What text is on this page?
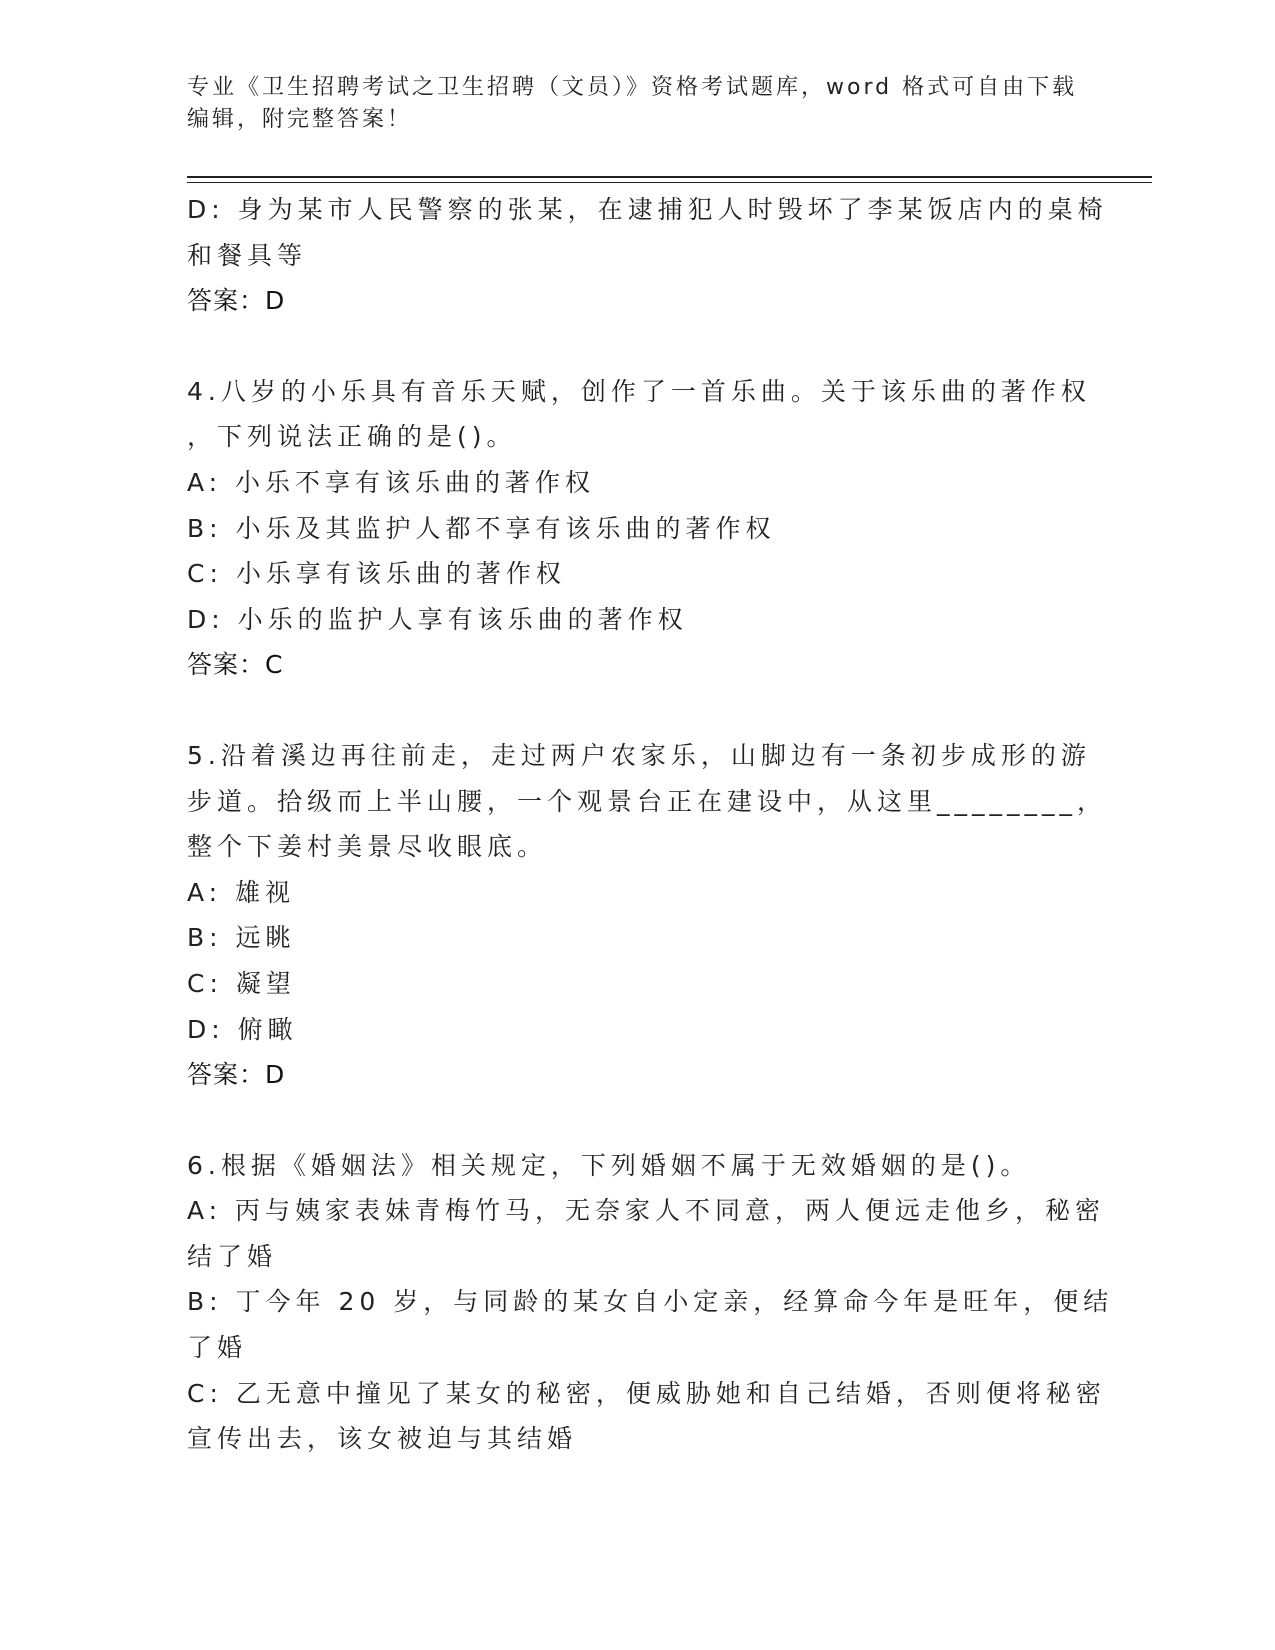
专业《卫生招聘考试之卫生招聘（文员）》资格考试题库，word 格式可自由下载
编辑，附完整答案！
D: 身为某市人民警察的张某，在逮捕犯人时毁坏了李某饭店内的桌椅
和餐具等
答案：D
4.八岁的小乐具有音乐天赋，创作了一首乐曲。关于该乐曲的著作权
，下列说法正确的是()。
A: 小乐不享有该乐曲的著作权
B: 小乐及其监护人都不享有该乐曲的著作权
C: 小乐享有该乐曲的著作权
D: 小乐的监护人享有该乐曲的著作权
答案：C
5.沿着溪边再往前走，走过两户农家乐，山脚边有一条初步成形的游
步道。拾级而上半山腰，一个观景台正在建设中，从这里________，
整个下姜村美景尽收眼底。
A: 雄视
B: 远眺
C: 凝望
D: 俯瞰
答案：D
6.根据《婚姻法》相关规定，下列婚姻不属于无效婚姻的是()。
A: 丙与姨家表妹青梅竹马，无奈家人不同意，两人便远走他乡，秘密
结了婚
B: 丁今年 20 岁，与同龄的某女自小定亲，经算命今年是旺年，便结
了婚
C: 乙无意中撞见了某女的秘密，便威胁她和自己结婚，否则便将秘密
宣传出去，该女被迫与其结婚
